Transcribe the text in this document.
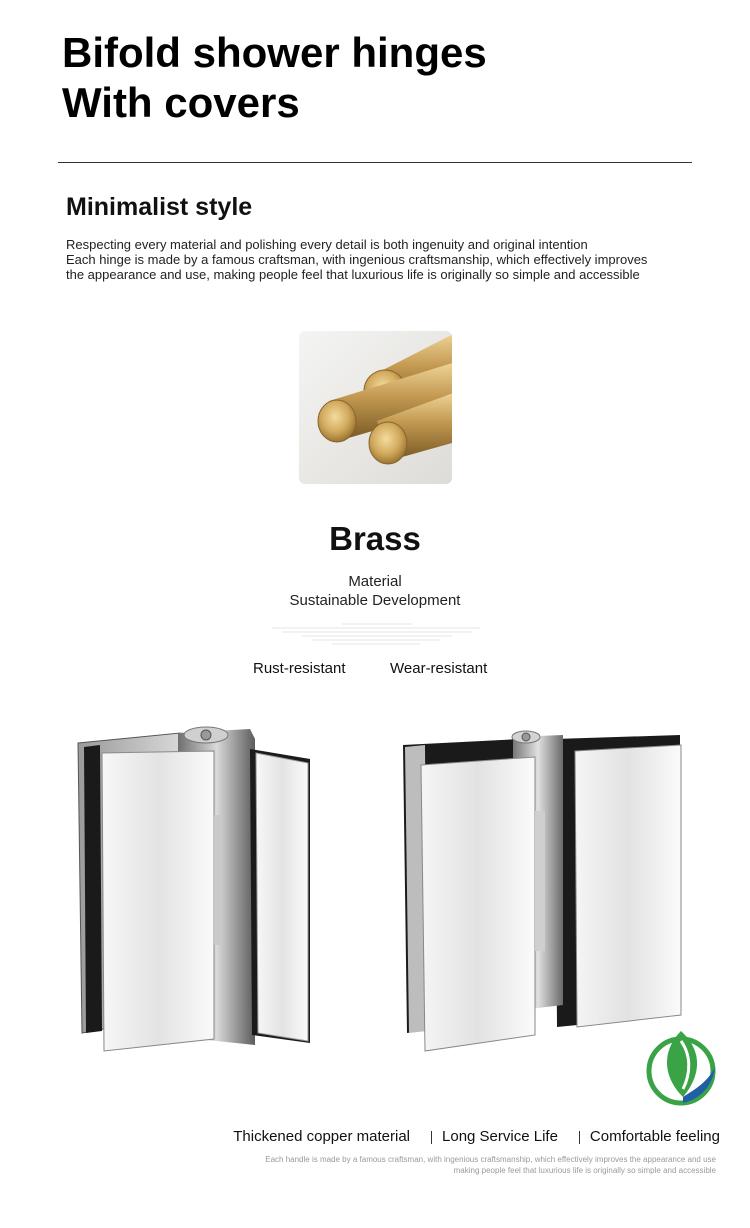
Bifold shower hinges
With covers
Minimalist style
Respecting every material and polishing every detail is both ingenuity and original intention
Each hinge is made by a famous craftsman, with ingenious craftsmanship, which effectively improves
the appearance and use, making people feel that luxurious life is originally so simple and accessible
Brass
Material
Sustainable Development
Rust-resistant	Wear-resistant
Thickened copper material Long Service Life Comfortable feeling
Each handle is made by a famous craftsman, with ingenious craftsmanship, which effectively improves the appearance and use
making people feel that luxurious life is originally so simple and accessible
